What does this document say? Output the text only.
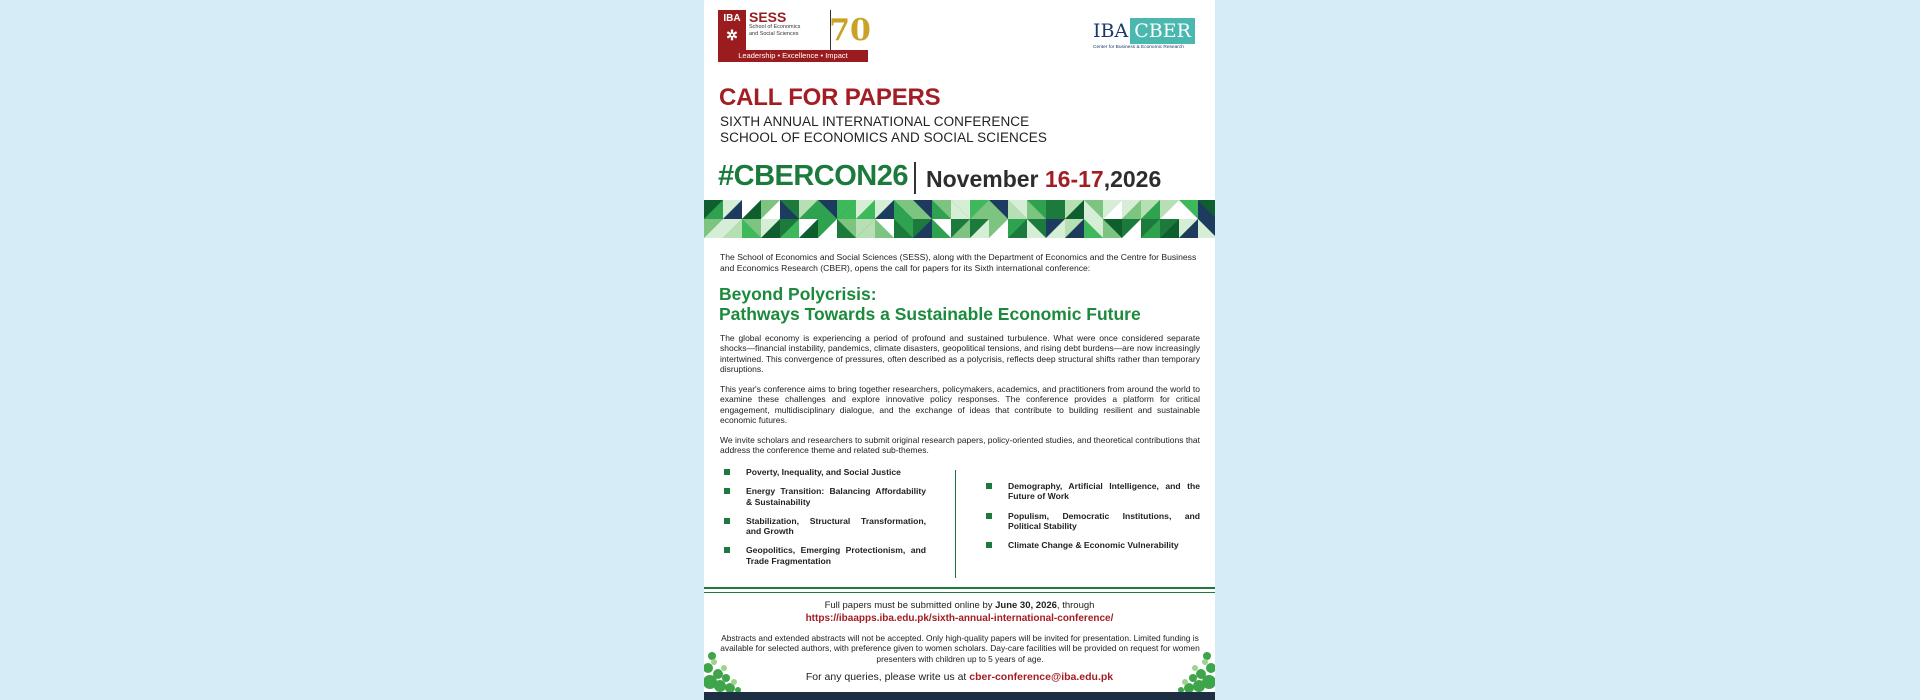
IBA
✲
SESS
School of Economics
and Social Sciences 70
Leadership • Excellence • Impact
IBA CBER
Center for Business & Economic Research
CALL FOR PAPERS
SIXTH ANNUAL INTERNATIONAL CONFERENCE
SCHOOL OF ECONOMICS AND SOCIAL SCIENCES
#CBERCON26 November 16-17,2026
The School of Economics and Social Sciences (SESS), along with the Department of Economics and the Centre for Business and Economics Research (CBER), opens the call for papers for its Sixth international conference:
Beyond Polycrisis:
Pathways Towards a Sustainable Economic Future
The global economy is experiencing a period of profound and sustained turbulence. What were once considered separate shocks—financial instability, pandemics, climate disasters, geopolitical tensions, and rising debt burdens—are now increasingly intertwined. This convergence of pressures, often described as a polycrisis, reflects deep structural shifts rather than temporary disruptions.
This year's conference aims to bring together researchers, policymakers, academics, and practitioners from around the world to examine these challenges and explore innovative policy responses. The conference provides a platform for critical engagement, multidisciplinary dialogue, and the exchange of ideas that contribute to building resilient and sustainable economic futures.
We invite scholars and researchers to submit original research papers, policy-oriented studies, and theoretical contributions that address the conference theme and related sub-themes.
Poverty, Inequality, and Social Justice
Energy Transition: Balancing Affordability & Sustainability
Stabilization, Structural Transformation, and Growth
Geopolitics, Emerging Protectionism, and Trade Fragmentation
Demography, Artificial Intelligence, and the Future of Work
Populism, Democratic Institutions, and Political Stability
Climate Change & Economic Vulnerability
Full papers must be submitted online by June 30, 2026, through
https://ibaapps.iba.edu.pk/sixth-annual-international-conference/
Abstracts and extended abstracts will not be accepted. Only high-quality papers will be invited for presentation. Limited funding is available for selected authors, with preference given to women scholars. Day-care facilities will be provided on request for women presenters with children up to 5 years of age.
For any queries, please write us at cber-conference@iba.edu.pk
